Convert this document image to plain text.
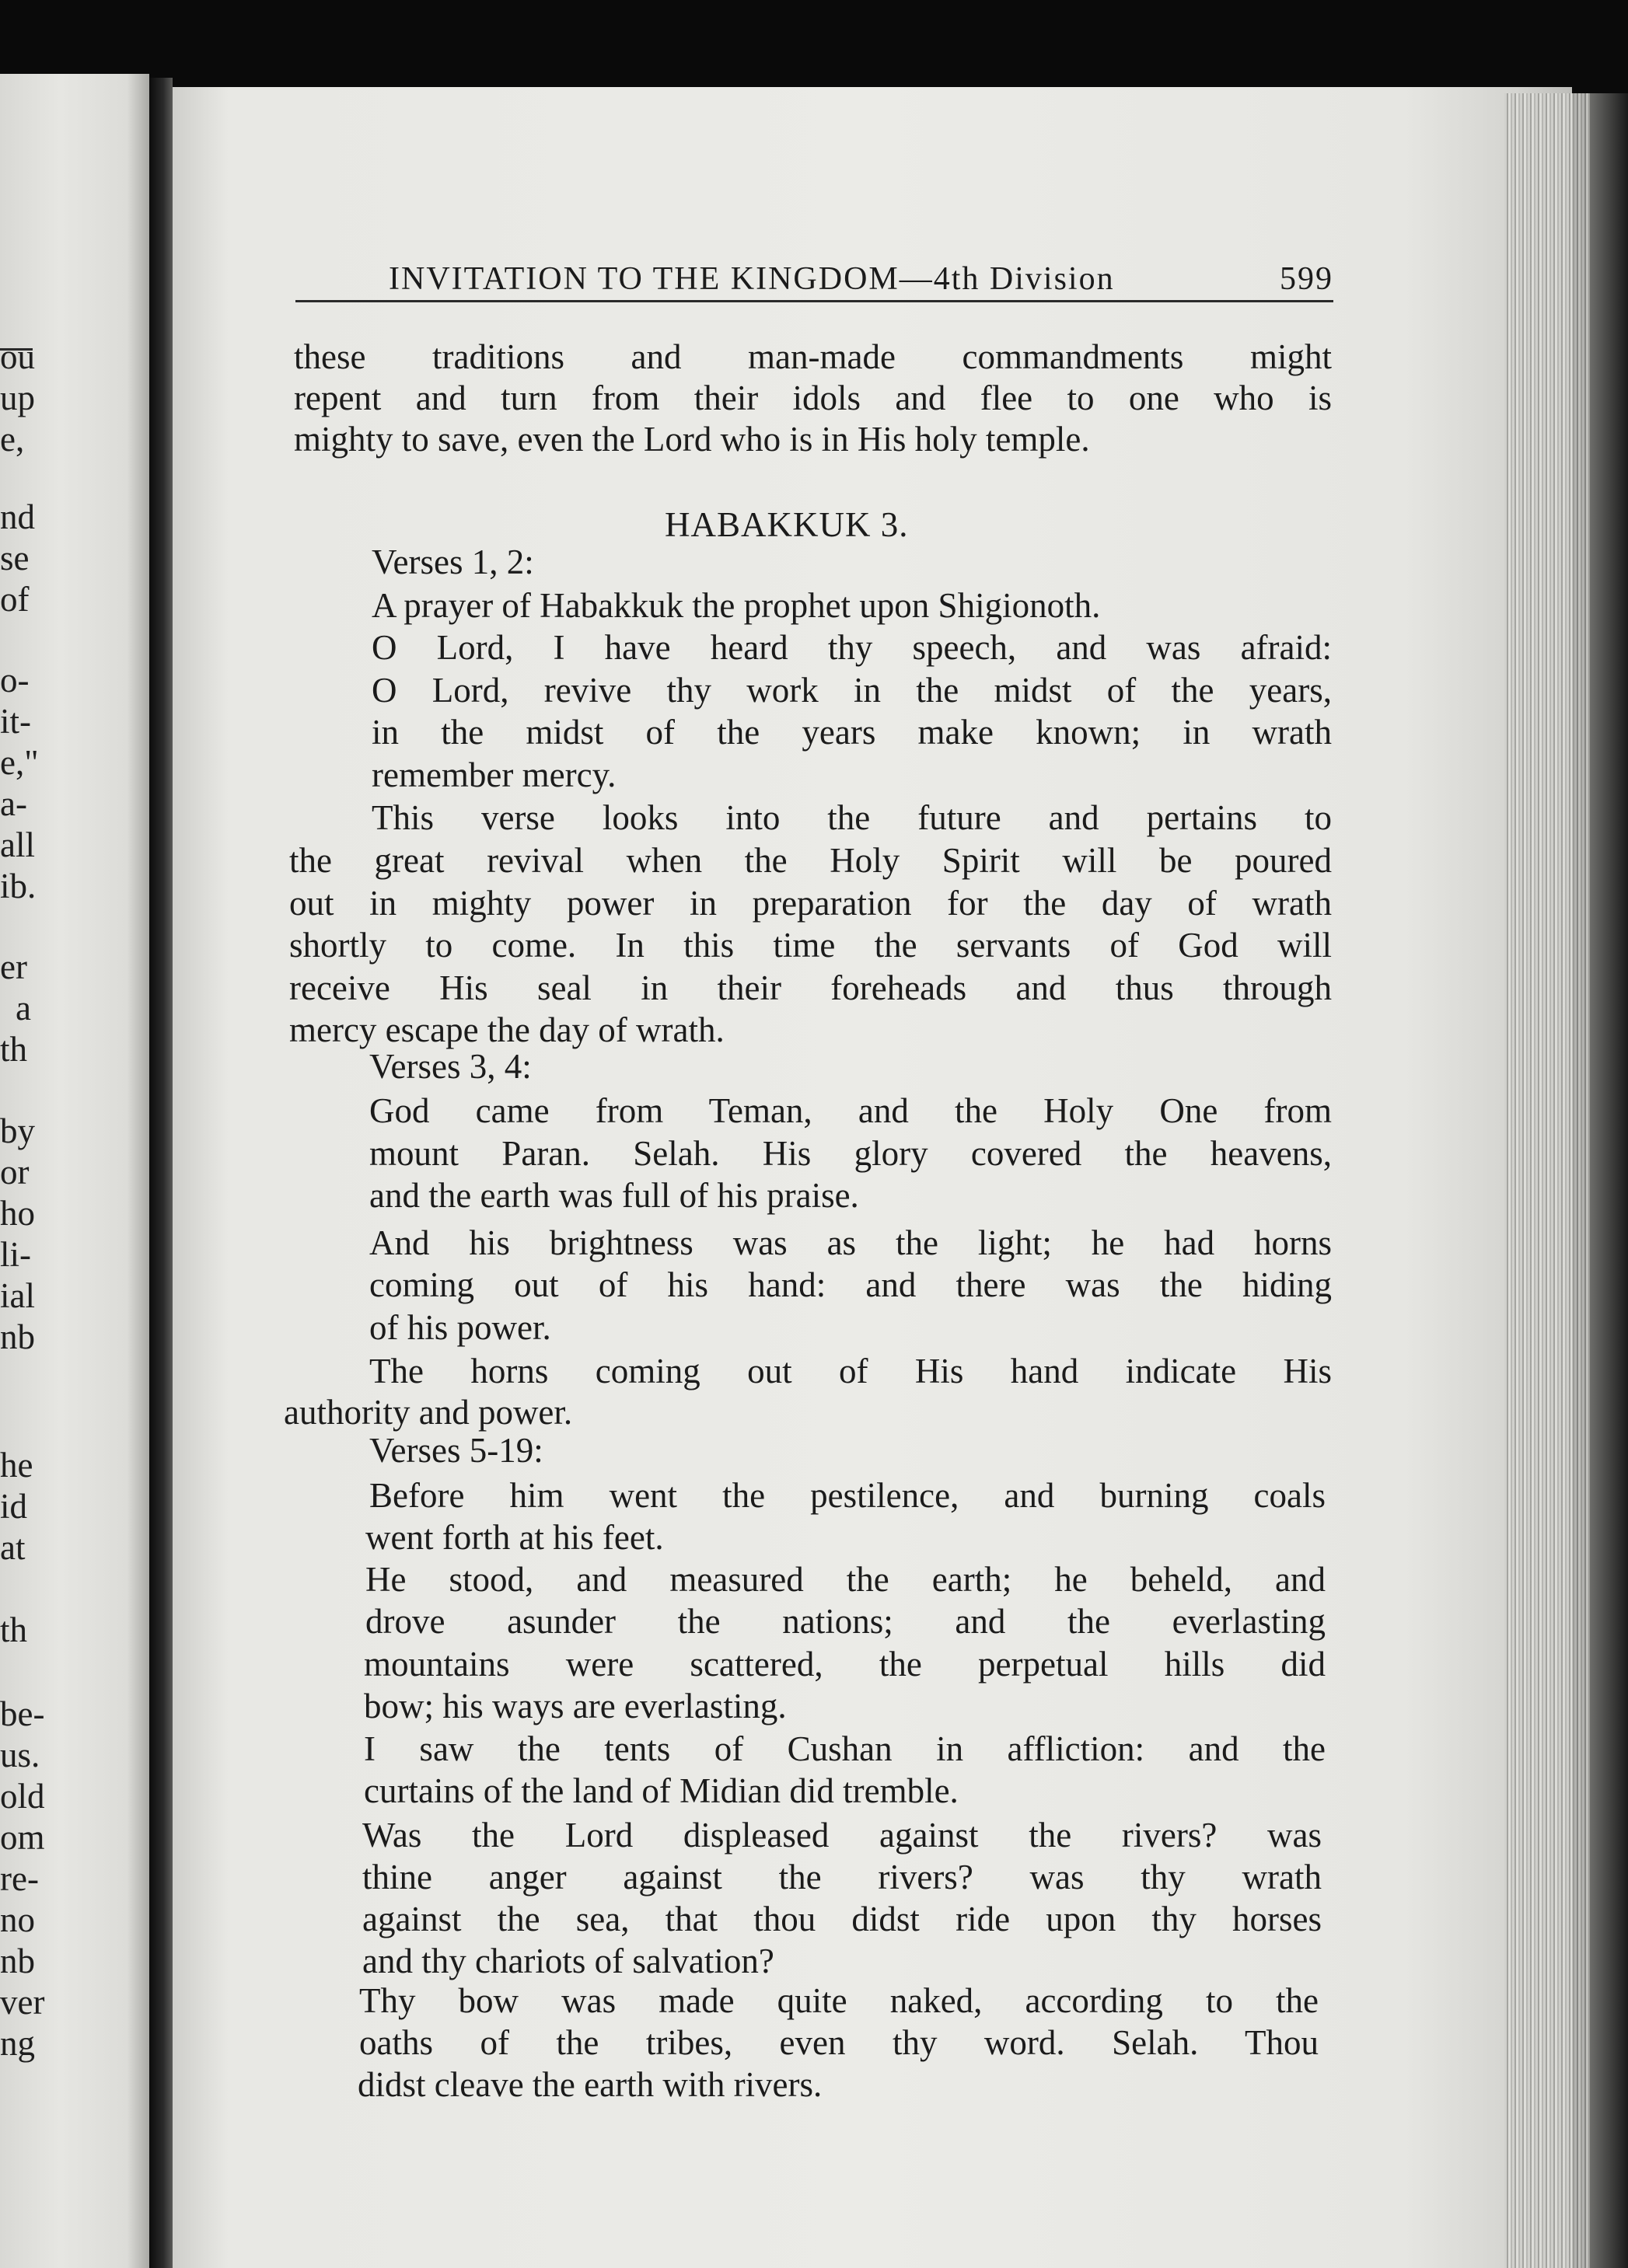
ou
up
e,
nd
se
of
o-
it-
e,"
a-
all
ib.
er
a
th
by
or
ho
li-
ial
nb
he
id
at
th
be-
us.
old
om
re-
no
nb
ver
ng
INVITATION TO THE KINGDOM—4th Division	599
these traditions and man-made commandments might
repent and turn from their idols and flee to one who is
mighty to save, even the Lord who is in His holy temple.
HABAKKUK 3.
Verses 1, 2:
A prayer of Habakkuk the prophet upon Shigionoth.
O Lord, I have heard thy speech, and was afraid:
O Lord, revive thy work in the midst of the years,
in the midst of the years make known; in wrath
remember mercy.
This verse looks into the future and pertains to
the great revival when the Holy Spirit will be poured
out in mighty power in preparation for the day of wrath
shortly to come. In this time the servants of God will
receive His seal in their foreheads and thus through
mercy escape the day of wrath.
Verses 3, 4:
God came from Teman, and the Holy One from
mount Paran. Selah. His glory covered the heavens,
and the earth was full of his praise.
And his brightness was as the light; he had horns
coming out of his hand: and there was the hiding
of his power.
The horns coming out of His hand indicate His
authority and power.
Verses 5-19:
Before him went the pestilence, and burning coals
went forth at his feet.
He stood, and measured the earth; he beheld, and
drove asunder the nations; and the everlasting
mountains were scattered, the perpetual hills did
bow; his ways are everlasting.
I saw the tents of Cushan in affliction: and the
curtains of the land of Midian did tremble.
Was the Lord displeased against the rivers? was
thine anger against the rivers? was thy wrath
against the sea, that thou didst ride upon thy horses
and thy chariots of salvation?
Thy bow was made quite naked, according to the
oaths of the tribes, even thy word. Selah. Thou
didst cleave the earth with rivers.
